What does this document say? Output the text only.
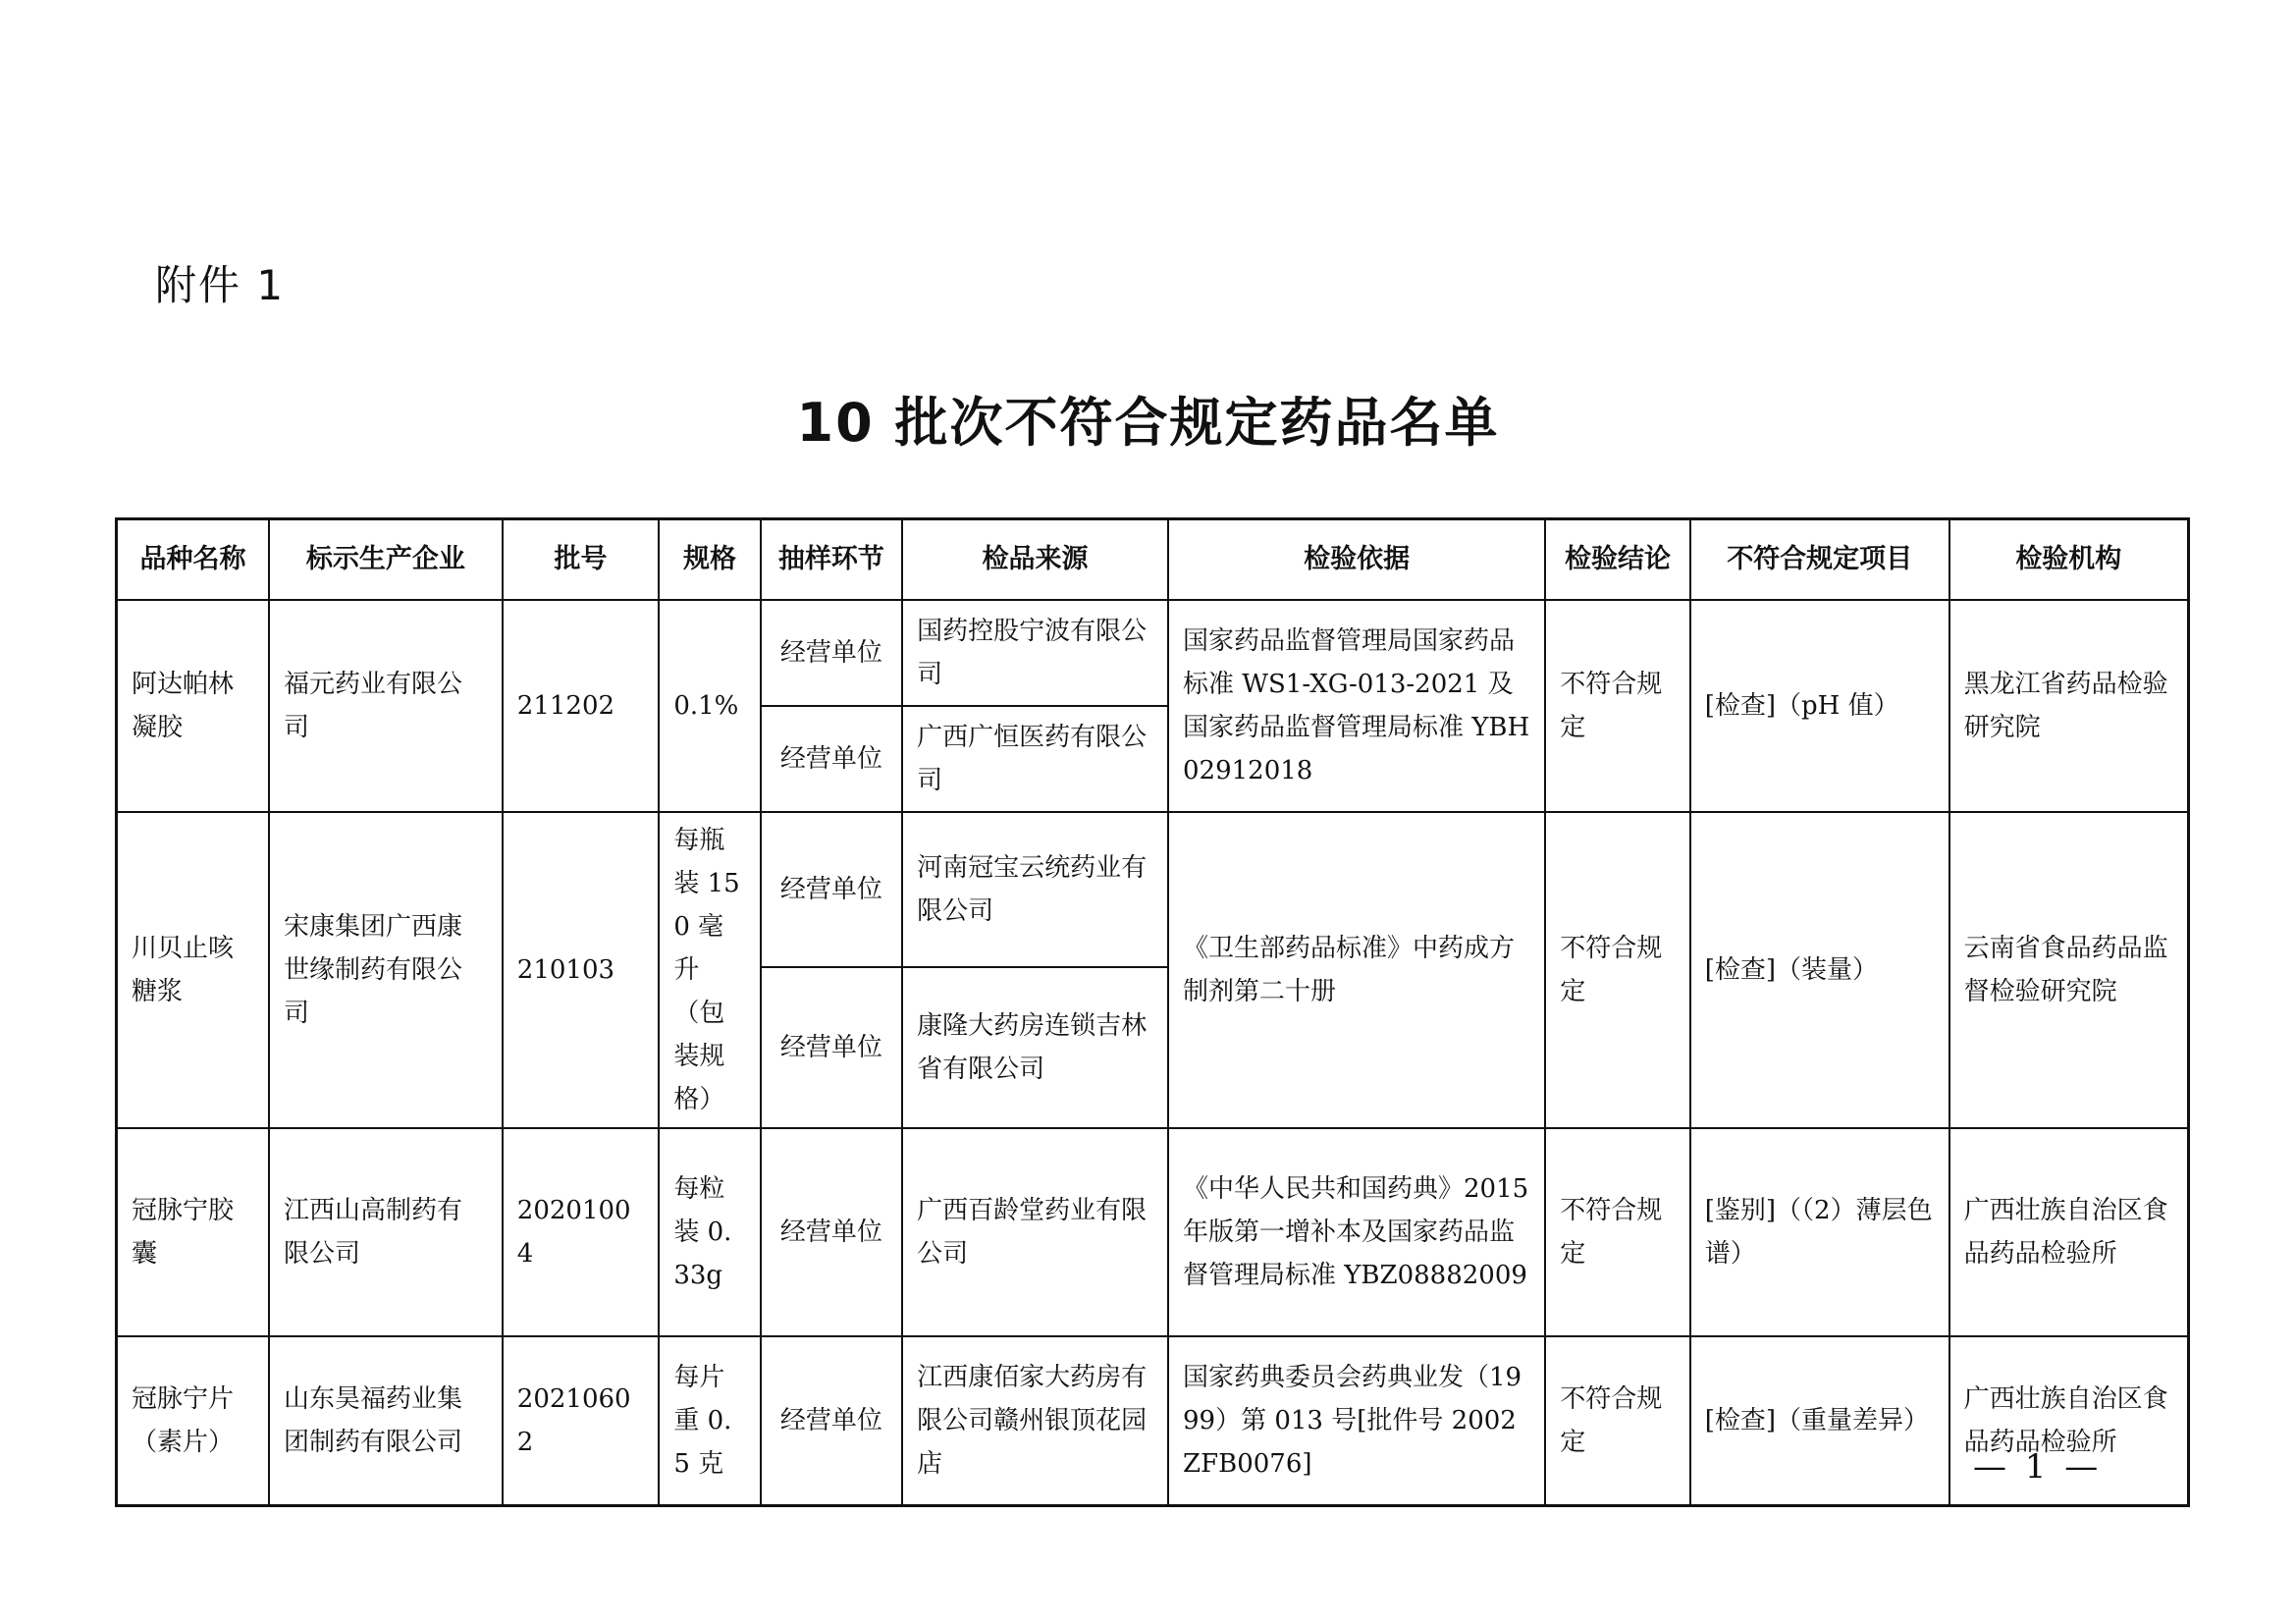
附件 1
10 批次不符合规定药品名单
品种名称	标示生产企业	批号	规格	抽样环节	检品来源	检验依据	检验结论	不符合规定项目	检验机构
阿达帕林凝胶	福元药业有限公司	211202	0.1%	经营单位	国药控股宁波有限公司	国家药品监督管理局国家药品标准 WS1-XG-013-2021 及国家药品监督管理局标准 YBH02912018	不符合规定	[检查]（pH 值）	黑龙江省药品检验研究院
				经营单位	广西广恒医药有限公司				
川贝止咳糖浆	宋康集团广西康世缘制药有限公司	210103	每瓶装 150 毫升（包装规格）	经营单位	河南冠宝云统药业有限公司	《卫生部药品标准》中药成方制剂第二十册	不符合规定	[检查]（装量）	云南省食品药品监督检验研究院
				经营单位	康隆大药房连锁吉林省有限公司				
冠脉宁胶囊	江西山高制药有限公司	20201004	每粒装 0.33g	经营单位	广西百龄堂药业有限公司	《中华人民共和国药典》2015 年版第一增补本及国家药品监督管理局标准 YBZ08882009	不符合规定	[鉴别]（（2）薄层色谱）	广西壮族自治区食品药品检验所
冠脉宁片（素片）	山东昊福药业集团制药有限公司	20210602	每片重 0.5 克	经营单位	江西康佰家大药房有限公司赣州银顶花园店	国家药典委员会药典业发（1999）第 013 号[批件号 2002ZFB0076]	不符合规定	[检查]（重量差异）	广西壮族自治区食品药品检验所
— 1 —
